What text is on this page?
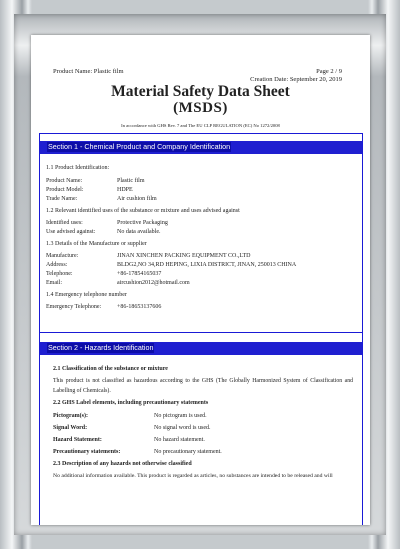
Product Name: Plastic film	Page 2 / 9
Creation Date: September 20, 2019
Material Safety Data Sheet
(MSDS)
In accordance with GHS Rev. 7 and The EU CLP REGULATION (EC) No 1272/2008
Section 1 - Chemical Product and Company Identification
1.1 Product Identification:
Product Name:	Plastic film
Product Model:	HDPE
Trade Name:	Air cushion film
1.2 Relevant identified uses of the substance or mixture and uses advised against
Identified uses:	Protective Packaging
Use advised against:	No data available.
1.3 Details of the Manufacture or supplier
Manufacture:	JINAN XINCHEN PACKING EQUIPMENT CO.,LTD
Address:	BLDG2,NO 34,RD HEPING, LIXIA DISTRICT, JINAN, 250013 CHINA
Telephone:	+86-17854165037
Email:	aircushion2012@hotmail.com
1.4 Emergency telephone number
Emergency Telephone:	+86-18653137606
Section 2 - Hazards Identification
2.1 Classification of the substance or mixture
This product is not classified as hazardous according to the GHS (The Globally Harmonized System of Classification and Labelling of Chemicals).
2.2 GHS Label elements, including precautionary statements
Pictogram(s):	No pictogram is used.
Signal Word:	No signal word is used.
Hazard Statement:	No hazard statement.
Precautionary statements:	No precautionary statement.
2.3 Description of any hazards not otherwise classified
No additional information available. This product is regarded as articles, no substances are intended to be released and will
